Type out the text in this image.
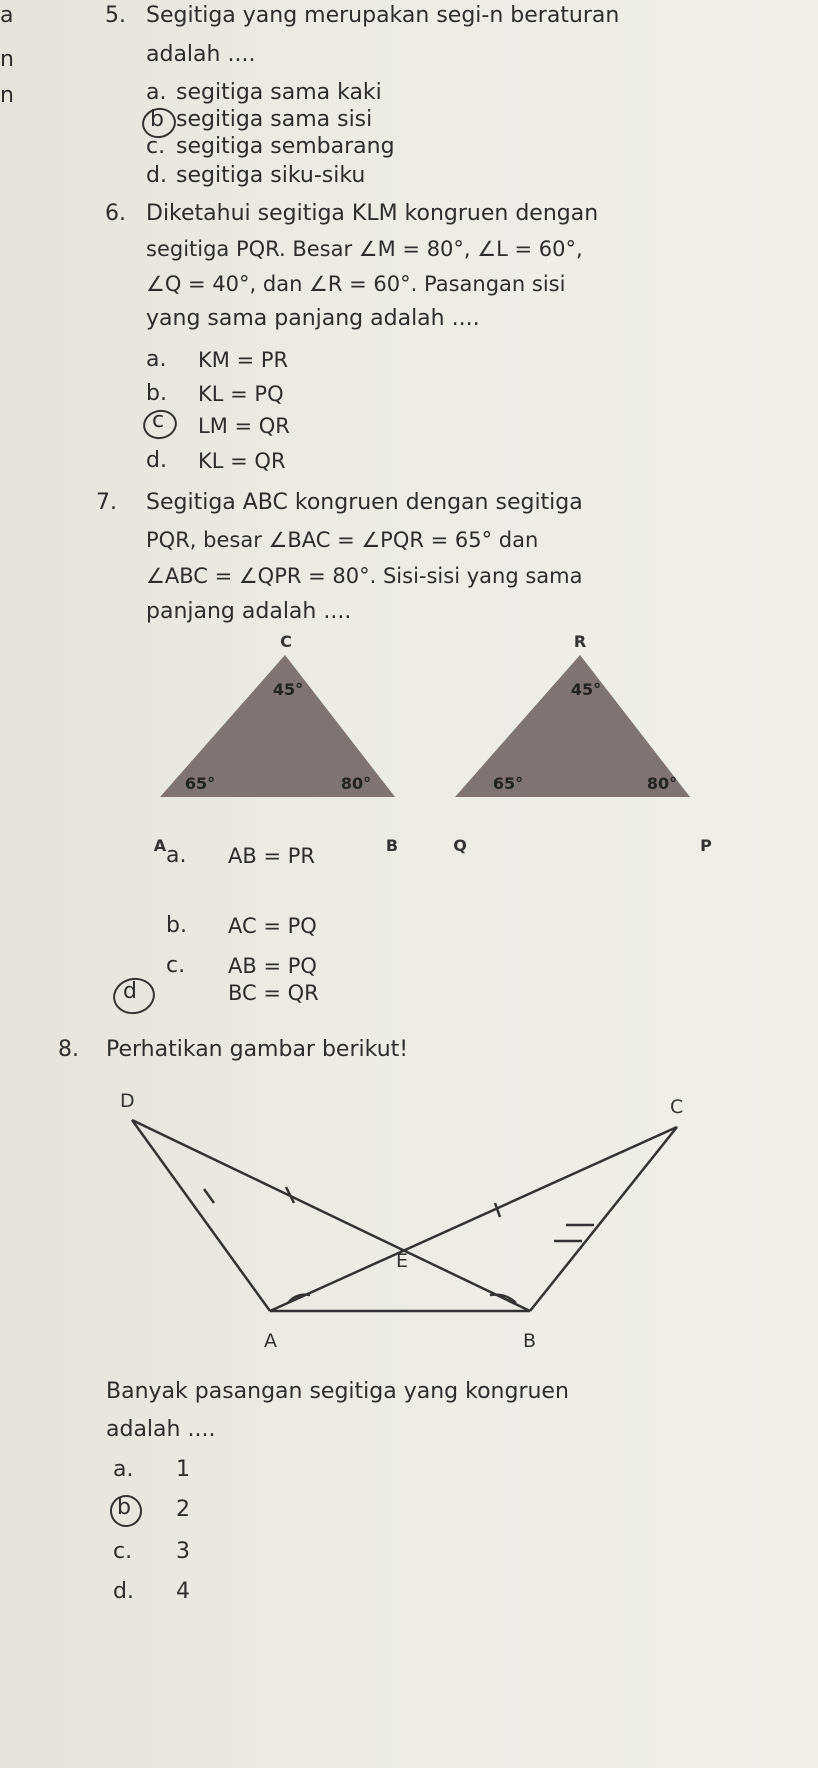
a
n
n
5. Segitiga yang merupakan segi-n beraturan
adalah ....
a. segitiga sama kaki
b segitiga sama sisi
c. segitiga sembarang
d. segitiga siku-siku
6. Diketahui segitiga KLM kongruen dengan
segitiga PQR. Besar ∠M = 80°, ∠L = 60°,
∠Q = 40°, dan ∠R = 60°. Pasangan sisi
yang sama panjang adalah ....
a. KM = PR
b. KL = PQ
c LM = QR
d. KL = QR
7. Segitiga ABC kongruen dengan segitiga
PQR, besar ∠BAC = ∠PQR = 65° dan
∠ABC = ∠QPR = 80°. Sisi-sisi yang sama
panjang adalah ....
C
A	B
45°
65°	80°
R
Q	P
45°
65°	80°
a. AB = PR
b. AC = PQ
c. AB = PQ
d	BC = QR
8. Perhatikan gambar berikut!
D	C
E
A	B
Banyak pasangan segitiga yang kongruen
adalah ....
a. 1
b 2
c. 3
d. 4
